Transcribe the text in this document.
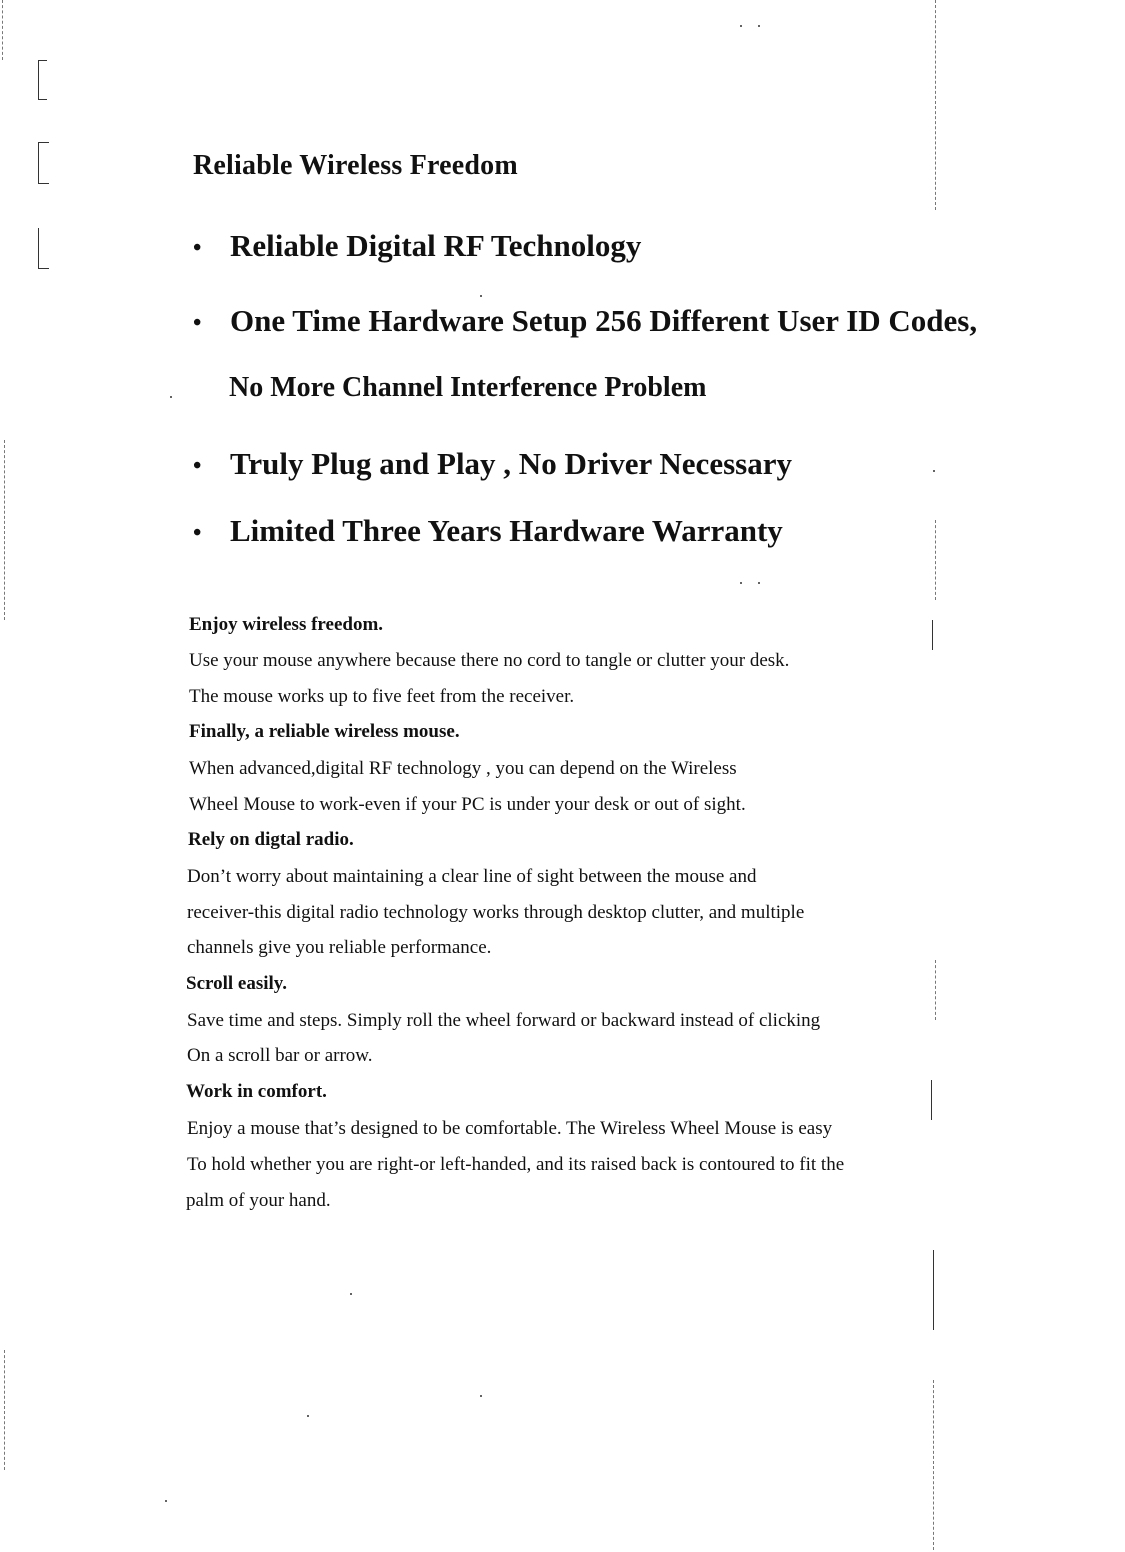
Reliable Wireless Freedom
• Reliable Digital RF Technology
• One Time Hardware Setup 256 Different User ID Codes,
No More Channel Interference Problem
• Truly Plug and Play , No Driver Necessary
• Limited Three Years Hardware Warranty
Enjoy wireless freedom.
Use your mouse anywhere because there no cord to tangle or clutter your desk.
The mouse works up to five feet from the receiver.
Finally, a reliable wireless mouse.
When advanced,digital RF technology , you can depend on the Wireless
Wheel Mouse to work-even if your PC is under your desk or out of sight.
Rely on digtal radio.
Don’t worry about maintaining a clear line of sight between the mouse and
receiver-this digital radio technology works through desktop clutter, and multiple
channels give you reliable performance.
Scroll easily.
Save time and steps. Simply roll the wheel forward or backward instead of clicking
On a scroll bar or arrow.
Work in comfort.
Enjoy a mouse that’s designed to be comfortable. The Wireless Wheel Mouse is easy
To hold whether you are right-or left-handed, and its raised back is contoured to fit the
palm of your hand.
